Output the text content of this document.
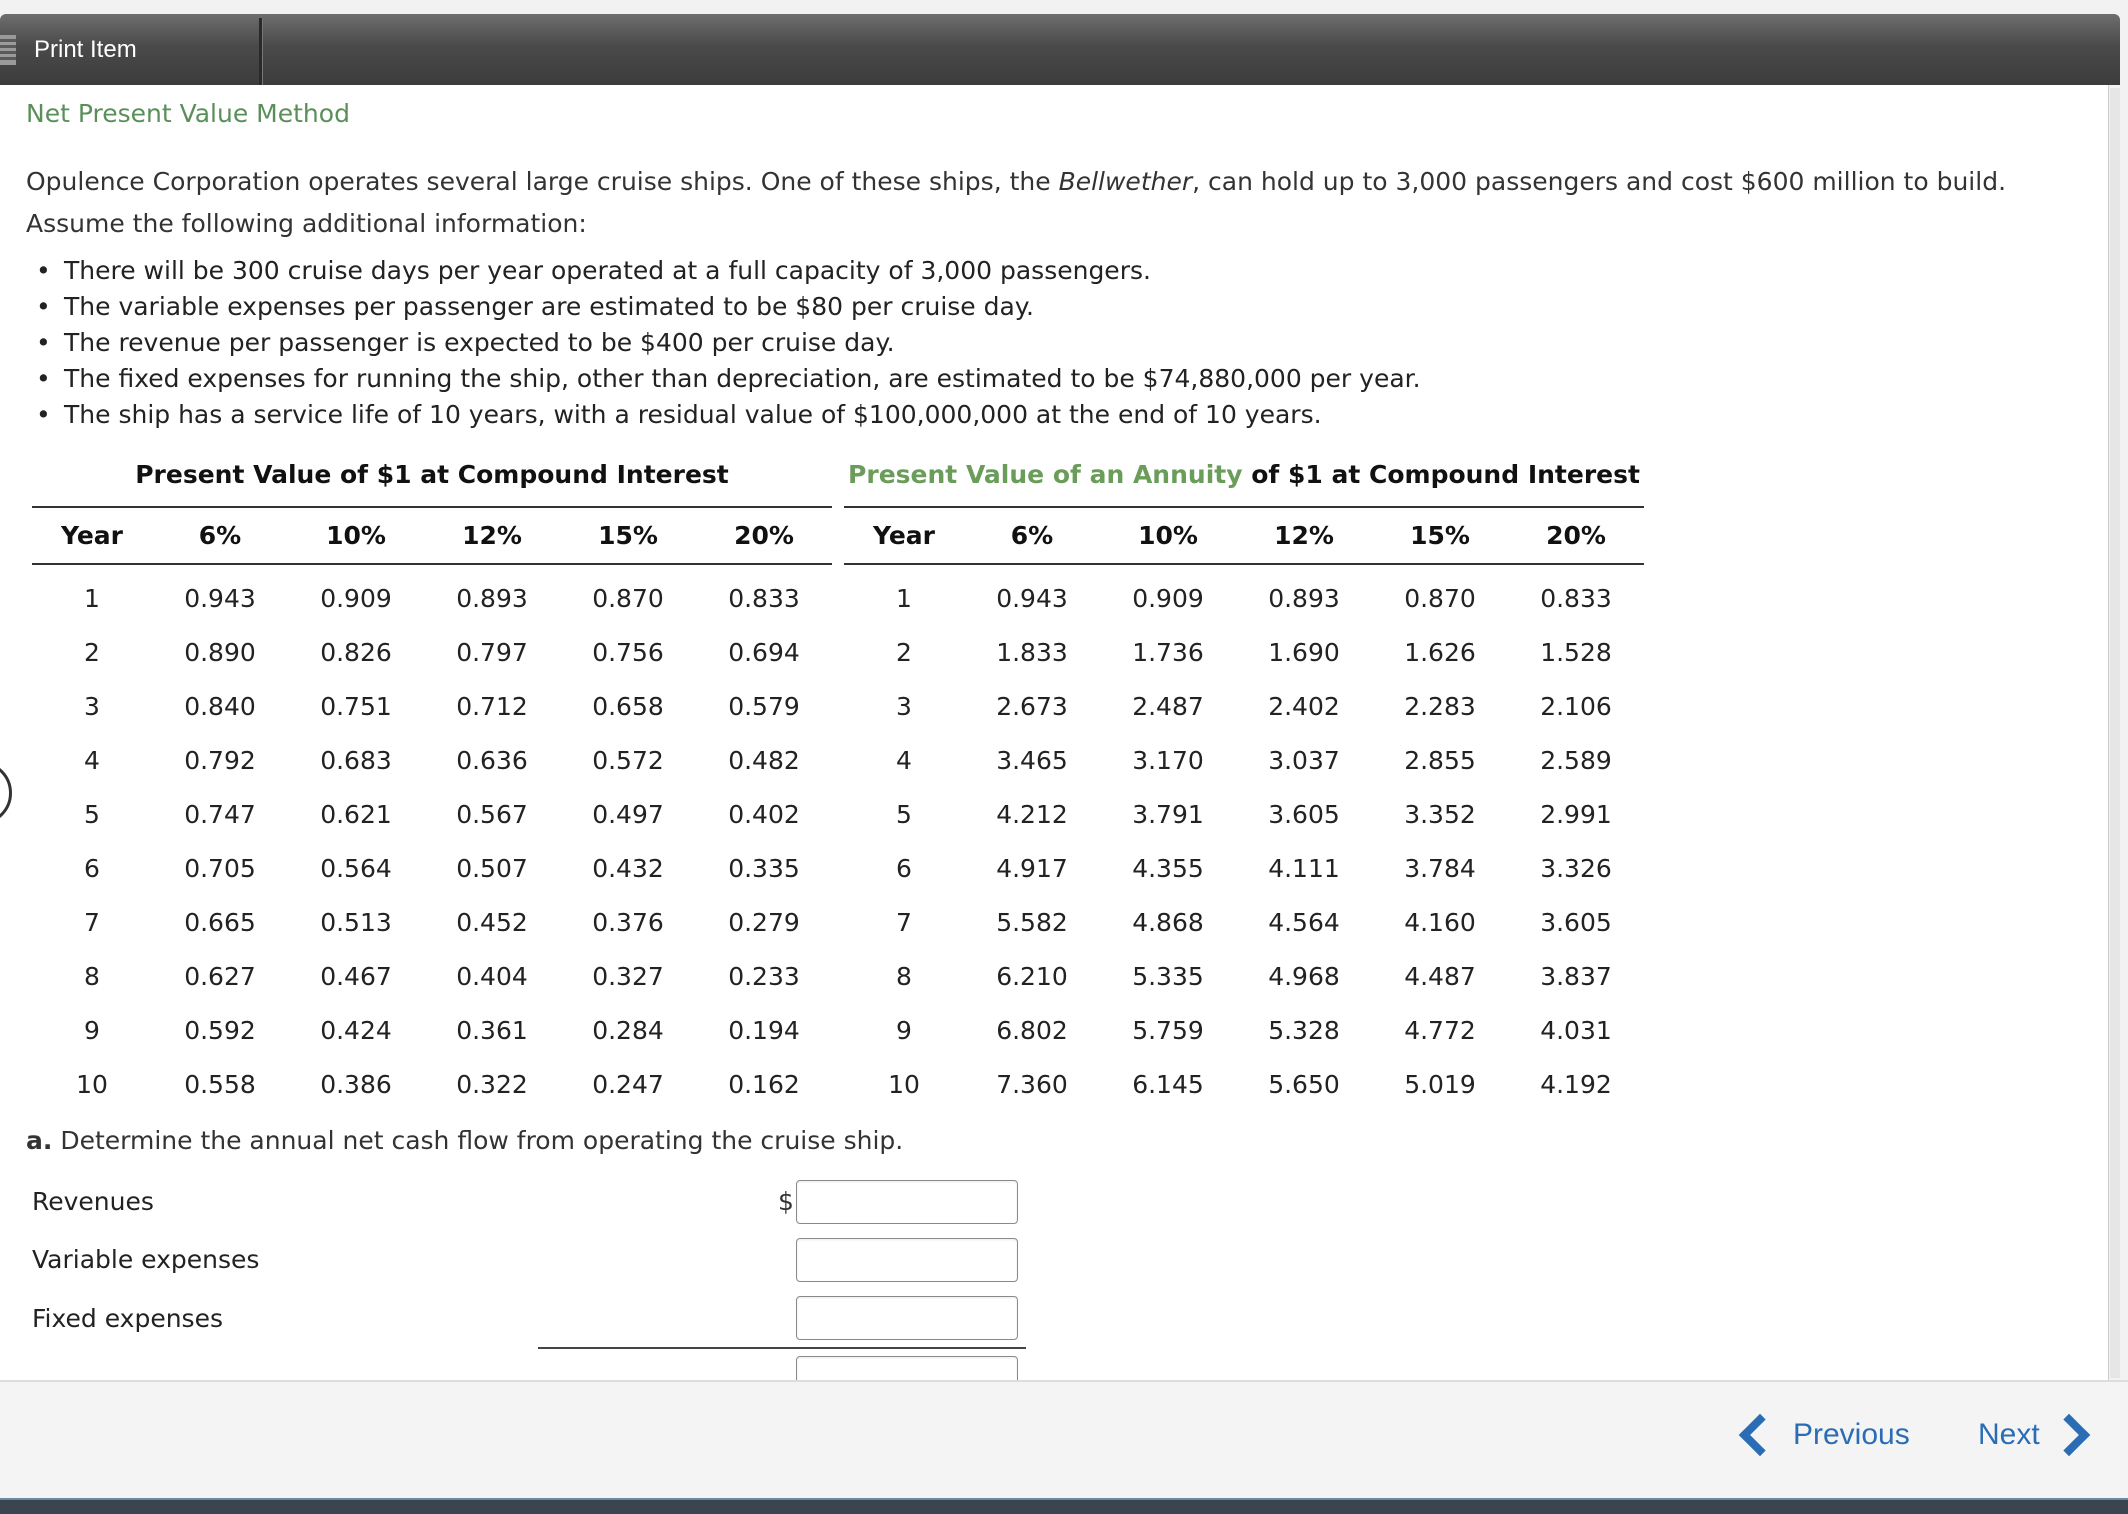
Print Item
Net Present Value Method
Opulence Corporation operates several large cruise ships. One of these ships, the Bellwether, can hold up to 3,000 passengers and cost $600 million to build. Assume the following additional information:
• There will be 300 cruise days per year operated at a full capacity of 3,000 passengers.
• The variable expenses per passenger are estimated to be $80 per cruise day.
• The revenue per passenger is expected to be $400 per cruise day.
• The fixed expenses for running the ship, other than depreciation, are estimated to be $74,880,000 per year.
• The ship has a service life of 10 years, with a residual value of $100,000,000 at the end of 10 years.
Present Value of $1 at Compound Interest	Present Value of an Annuity of $1 at Compound Interest
Year	6%	10%	12%	15%	20%
1	0.943	0.909	0.893	0.870	0.833
2	0.890	0.826	0.797	0.756	0.694
3	0.840	0.751	0.712	0.658	0.579
4	0.792	0.683	0.636	0.572	0.482
5	0.747	0.621	0.567	0.497	0.402
6	0.705	0.564	0.507	0.432	0.335
7	0.665	0.513	0.452	0.376	0.279
8	0.627	0.467	0.404	0.327	0.233
9	0.592	0.424	0.361	0.284	0.194
10	0.558	0.386	0.322	0.247	0.162
Year	6%	10%	12%	15%	20%
1	0.943	0.909	0.893	0.870	0.833
2	1.833	1.736	1.690	1.626	1.528
3	2.673	2.487	2.402	2.283	2.106
4	3.465	3.170	3.037	2.855	2.589
5	4.212	3.791	3.605	3.352	2.991
6	4.917	4.355	4.111	3.784	3.326
7	5.582	4.868	4.564	4.160	3.605
8	6.210	5.335	4.968	4.487	3.837
9	6.802	5.759	5.328	4.772	4.031
10	7.360	6.145	5.650	5.019	4.192
a. Determine the annual net cash flow from operating the cruise ship.
Revenues	$
Variable expenses
Fixed expenses
Previous Next
